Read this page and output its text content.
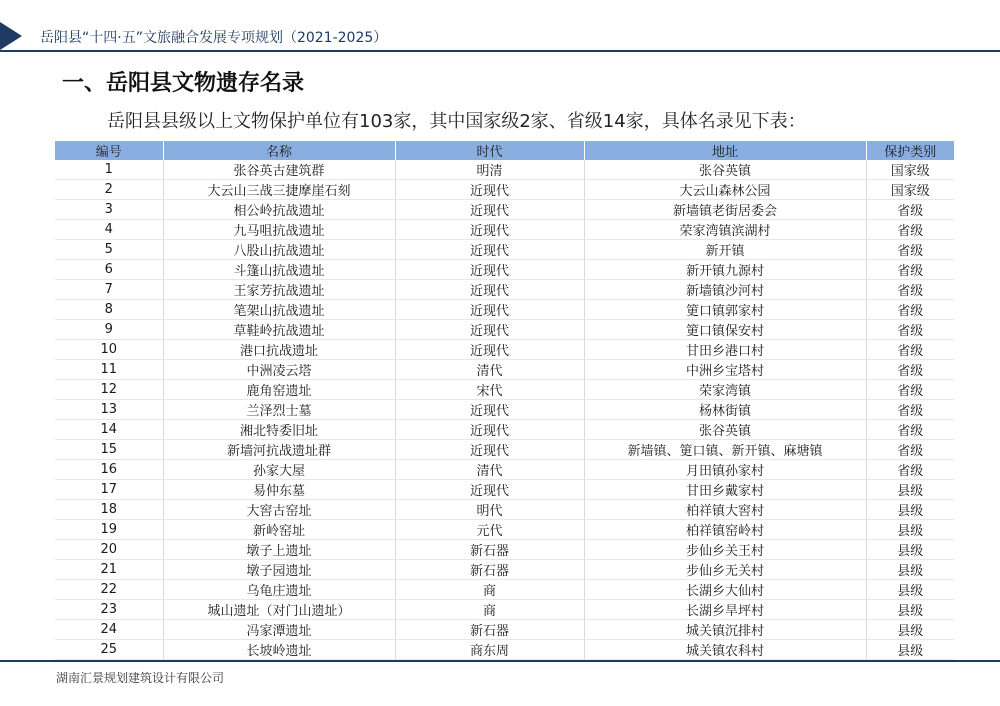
岳阳县“十四·五”文旅融合发展专项规划（2021-2025）
一、岳阳县文物遗存名录
岳阳县县级以上文物保护单位有103家，其中国家级2家、省级14家，具体名录见下表：
编号	名称	时代	地址	保护类别
1	张谷英古建筑群	明清	张谷英镇	国家级
2	大云山三战三捷摩崖石刻	近现代	大云山森林公园	国家级
3	相公岭抗战遗址	近现代	新墙镇老街居委会	省级
4	九马咀抗战遗址	近现代	荣家湾镇滨湖村	省级
5	八股山抗战遗址	近现代	新开镇	省级
6	斗篷山抗战遗址	近现代	新开镇九源村	省级
7	王家芳抗战遗址	近现代	新墙镇沙河村	省级
8	笔架山抗战遗址	近现代	筻口镇郭家村	省级
9	草鞋岭抗战遗址	近现代	筻口镇保安村	省级
10	港口抗战遗址	近现代	甘田乡港口村	省级
11	中洲凌云塔	清代	中洲乡宝塔村	省级
12	鹿角窑遗址	宋代	荣家湾镇	省级
13	兰泽烈士墓	近现代	杨林街镇	省级
14	湘北特委旧址	近现代	张谷英镇	省级
15	新墙河抗战遗址群	近现代	新墙镇、筻口镇、新开镇、麻塘镇	省级
16	孙家大屋	清代	月田镇孙家村	省级
17	易仲东墓	近现代	甘田乡戴家村	县级
18	大窖古窑址	明代	柏祥镇大窖村	县级
19	新岭窑址	元代	柏祥镇窑岭村	县级
20	墩子上遗址	新石器	步仙乡关王村	县级
21	墩子园遗址	新石器	步仙乡无关村	县级
22	乌龟庄遗址	商	长湖乡大仙村	县级
23	城山遗址（对门山遗址）	商	长湖乡旱坪村	县级
24	冯家潭遗址	新石器	城关镇沉排村	县级
25	长坡岭遗址	商东周	城关镇农科村	县级
湖南汇景规划建筑设计有限公司
